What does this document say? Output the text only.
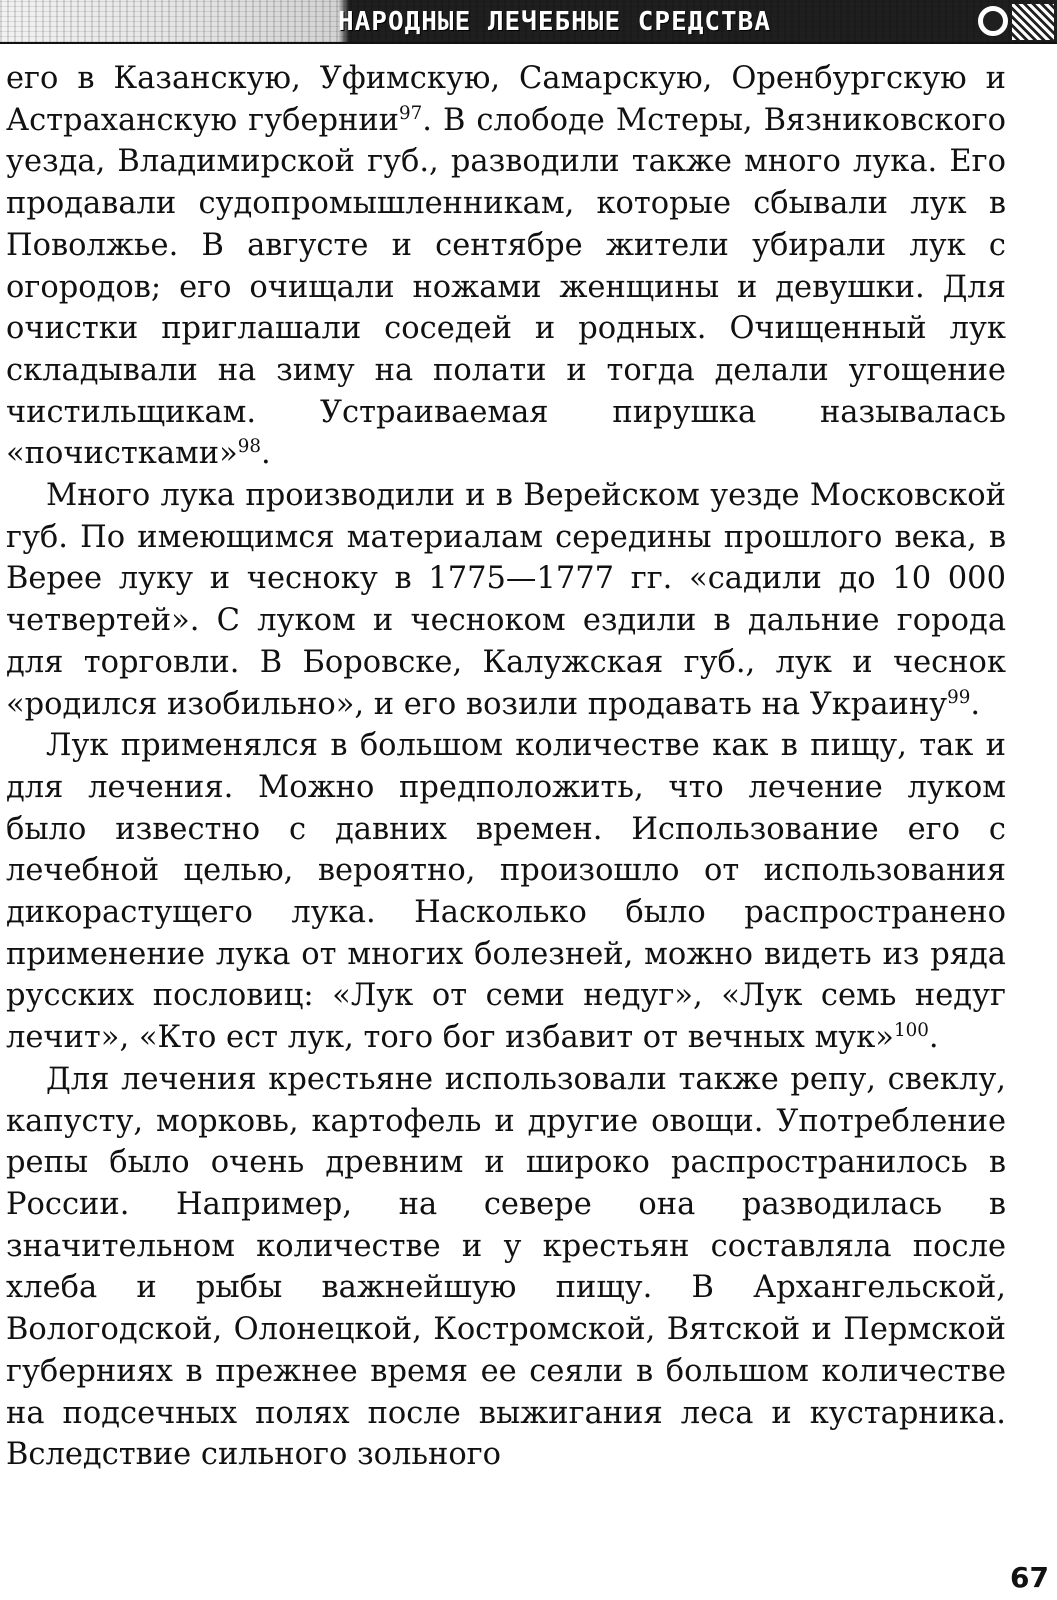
НАРОДНЫЕ ЛЕЧЕБНЫЕ СРЕДСТВА

его в Казанскую, Уфимскую, Самарскую, Оренбургскую и Астраханскую губернии$^{97}$. В слободе Мстеры, Вязниковского уезда, Владимирской губ., разводили также много лука. Его продавали судопромышленникам, которые сбывали лук в Поволжье. В августе и сентябре жители убирали лук с огородов; его очищали ножами женщины и девушки. Для очистки приглашали соседей и родных. Очищенный лук складывали на зиму на полати и тогда делали угощение чистильщикам. Устраиваемая пирушка называлась «почистками»$^{98}$.

Много лука производили и в Верейском уезде Московской губ. По имеющимся материалам середины прошлого века, в Верее луку и чесноку в 1775—1777 гг. «садили до 10 000 четвертей». С луком и чесноком ездили в дальние города для торговли. В Боровске, Калужская губ., лук и чеснок «родился изобильно», и его возили продавать на Украину$^{99}$.

Лук применялся в большом количестве как в пищу, так и для лечения. Можно предположить, что лечение луком было известно с давних времен. Использование его с лечебной целью, вероятно, произошло от использования дикорастущего лука. Насколько было распространено применение лука от многих болезней, можно видеть из ряда русских пословиц: «Лук от семи недуг», «Лук семь недуг лечит», «Кто ест лук, того бог избавит от вечных мук»$^{100}$.

Для лечения крестьяне использовали также репу, свеклу, капусту, морковь, картофель и другие овощи. Употребление репы было очень древним и широко распространилось в России. Например, на севере она разводилась в значительном количестве и у крестьян составляла после хлеба и рыбы важнейшую пищу. В Архангельской, Вологодской, Олонецкой, Костромской, Вятской и Пермской губерниях в прежнее время ее сеяли в большом количестве на подсечных полях после выжигания леса и кустарника. Вследствие сильного зольного

67
